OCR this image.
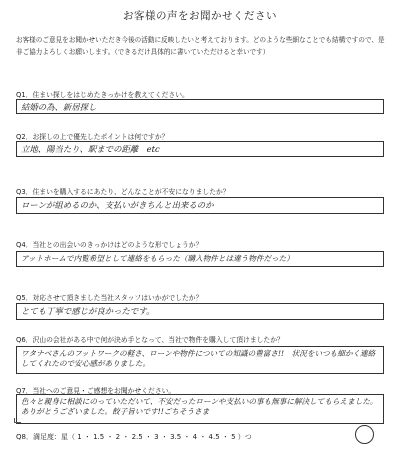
お客様の声をお聞かせください
お客様のご意見をお聞かせいただき今後の活動に反映したいと考えております。どのような些細なことでも結構ですので、是非ご協力よろしくお願いします。（できるだけ具体的に書いていただけると幸いです）
Q1．住まい探しをはじめたきっかけを教えてください。
結婚の為、新居探し
Q2．お探しの上で優先したポイントは何ですか？
立地、陽当たり、駅までの距離　etc
Q3．住まいを購入するにあたり、どんなことが不安になりましたか？
ローンが組めるのか、支払いがきちんと出来るのか
Q4．当社との出会いのきっかけはどのような形でしょうか？
アットホームで内覧希望として連絡をもらった（購入物件とは違う物件だった）
Q5．対応させて頂きました当社スタッフはいかがでしたか？
とても丁寧で感じが良かったです。
Q6．沢山の会社がある中で何が決め手となって、当社で物件を購入して頂けましたか？
ワタナベさんのフットワークの軽さ、ローンや物件についての知識の豊富さ!!　状況をいつも細かく連絡してくれたので安心感がありました。
Q7．当社へのご意見・ご感想をお聞かせください。
色々と親身に相談にのっていただいて、不安だったローンや支払いの事も無事に解決してもらえました。ありがとうございました。餃子旨いです!!ごちそうさま
Q8．満足度：星（ 1 ・ 1.5 ・ 2 ・ 2.5 ・ 3 ・ 3.5 ・ 4 ・ 4.5 ・ 5 ）つ
